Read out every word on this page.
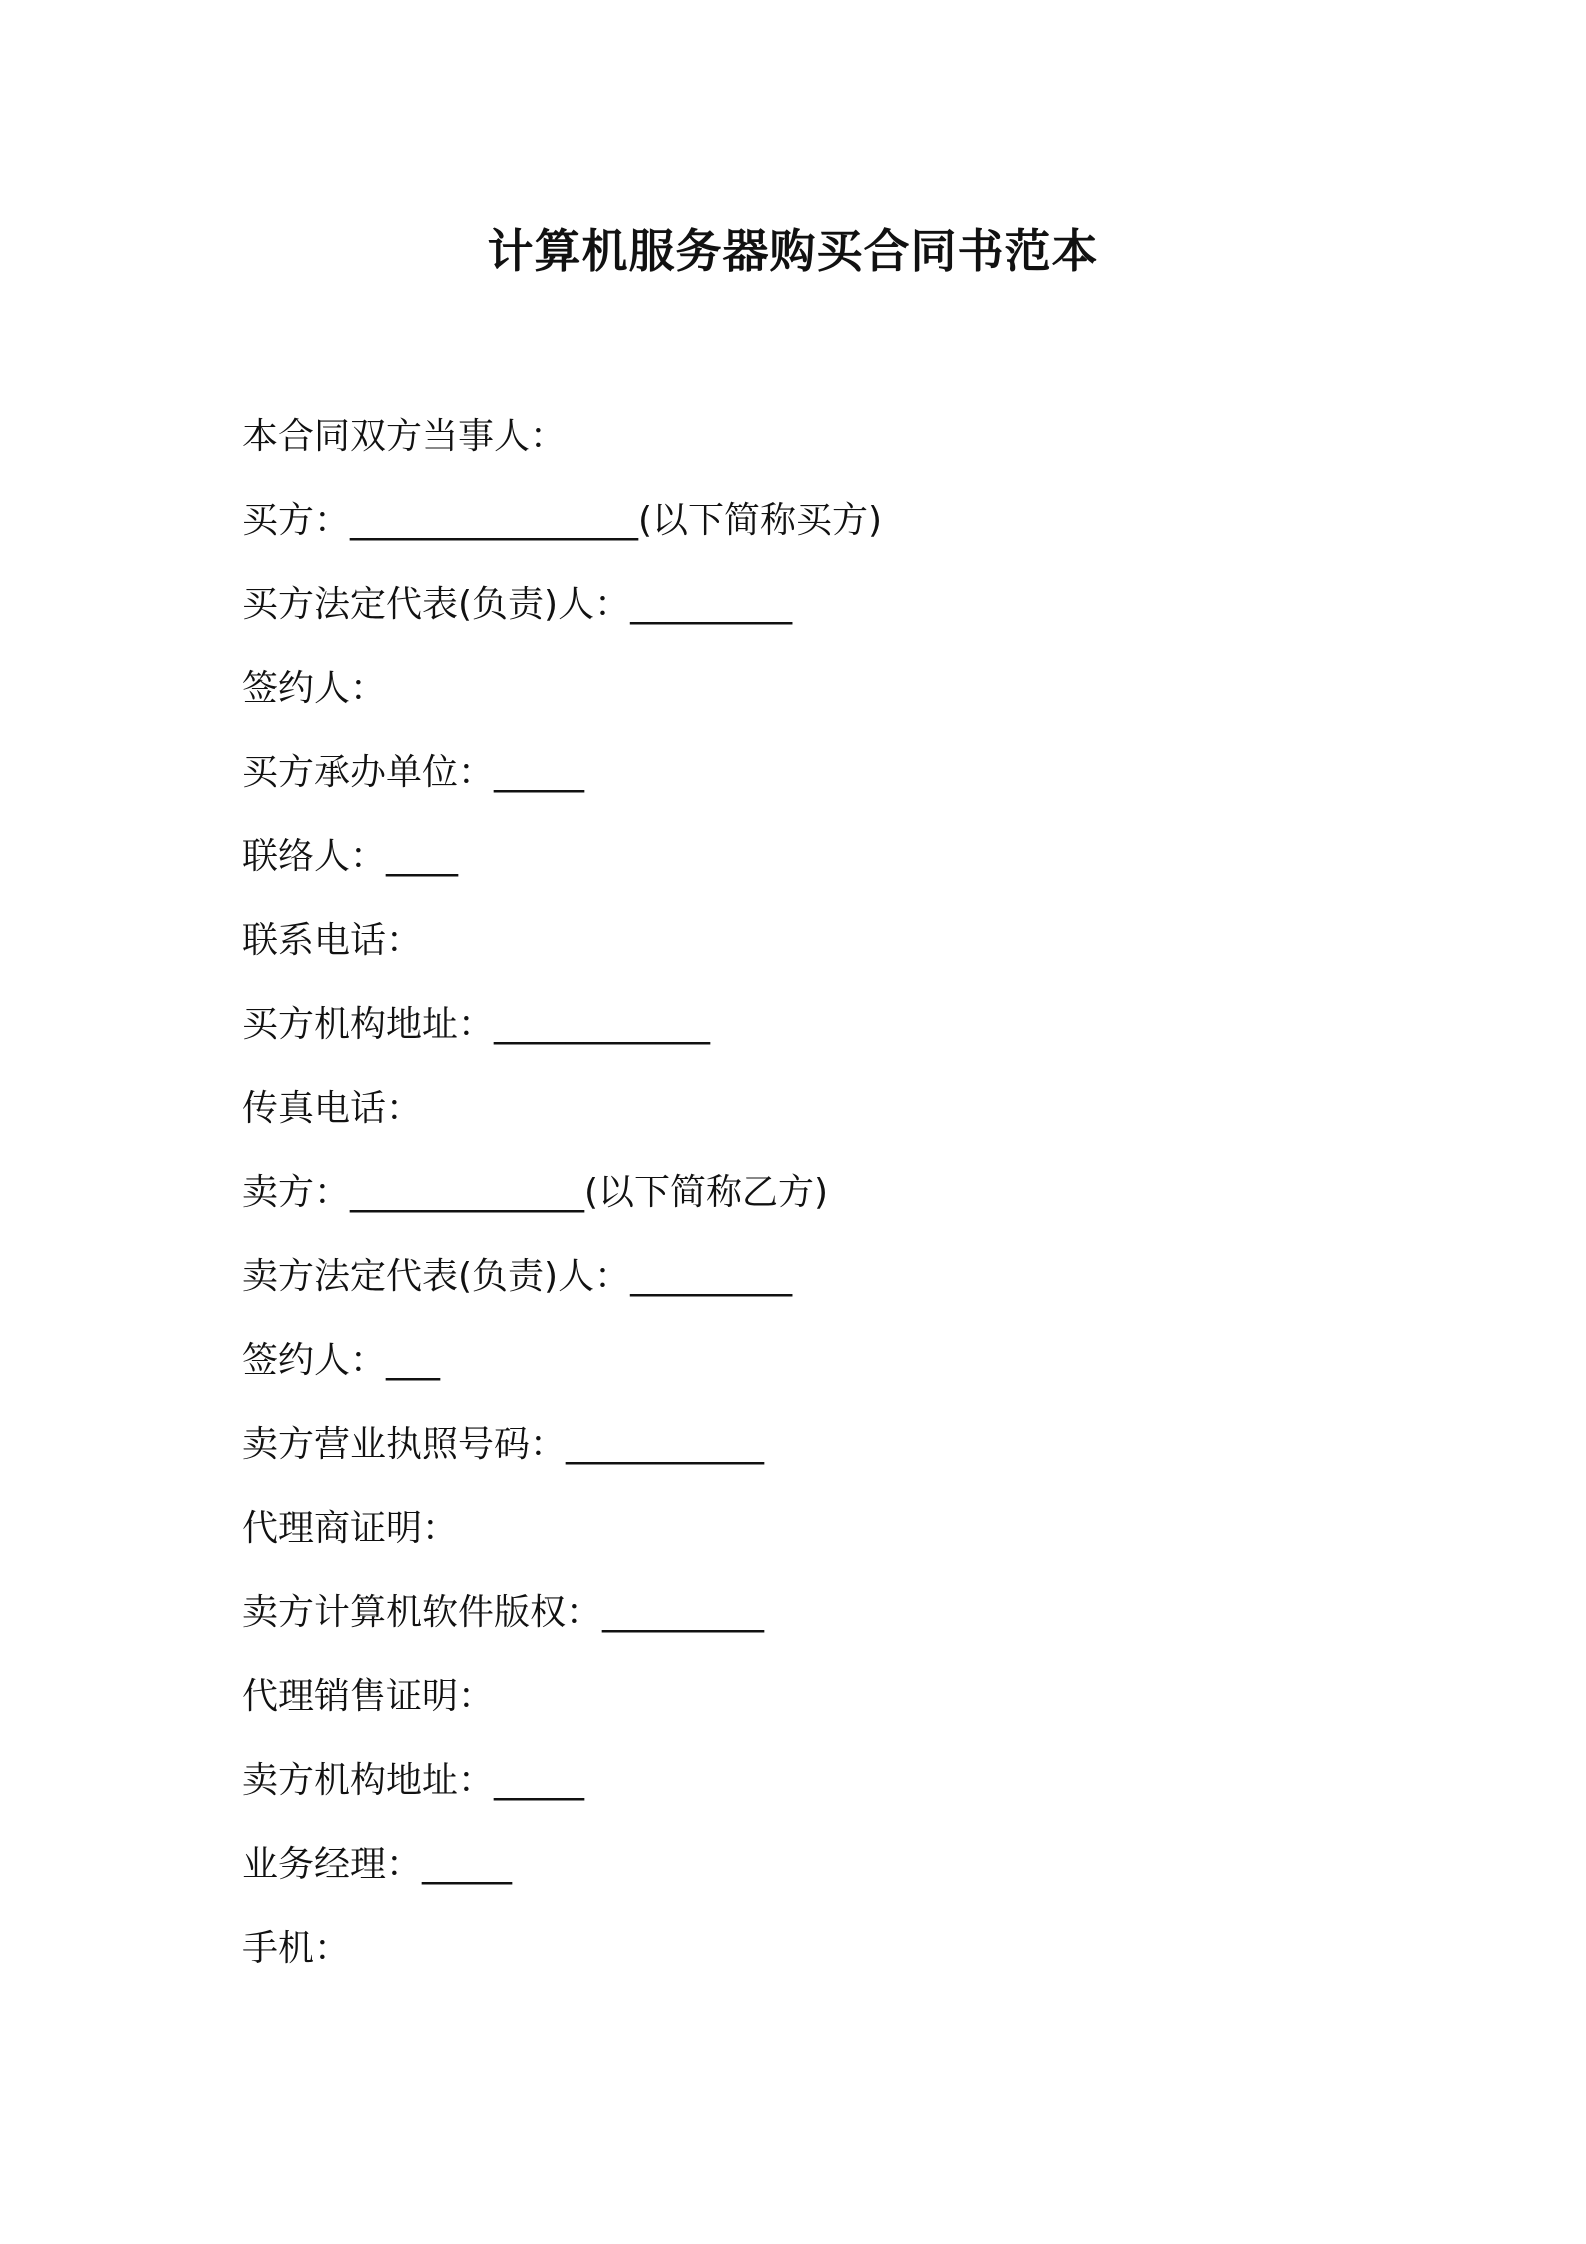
计算机服务器购买合同书范本
本合同双方当事人：
买方：________________(以下简称买方)
买方法定代表(负责)人：_________
签约人：
买方承办单位：_____
联络人：____
联系电话：
买方机构地址：____________
传真电话：
卖方：_____________(以下简称乙方)
卖方法定代表(负责)人：_________
签约人：___
卖方营业执照号码：___________
代理商证明：
卖方计算机软件版权：_________
代理销售证明：
卖方机构地址：_____
业务经理：_____
手机：
